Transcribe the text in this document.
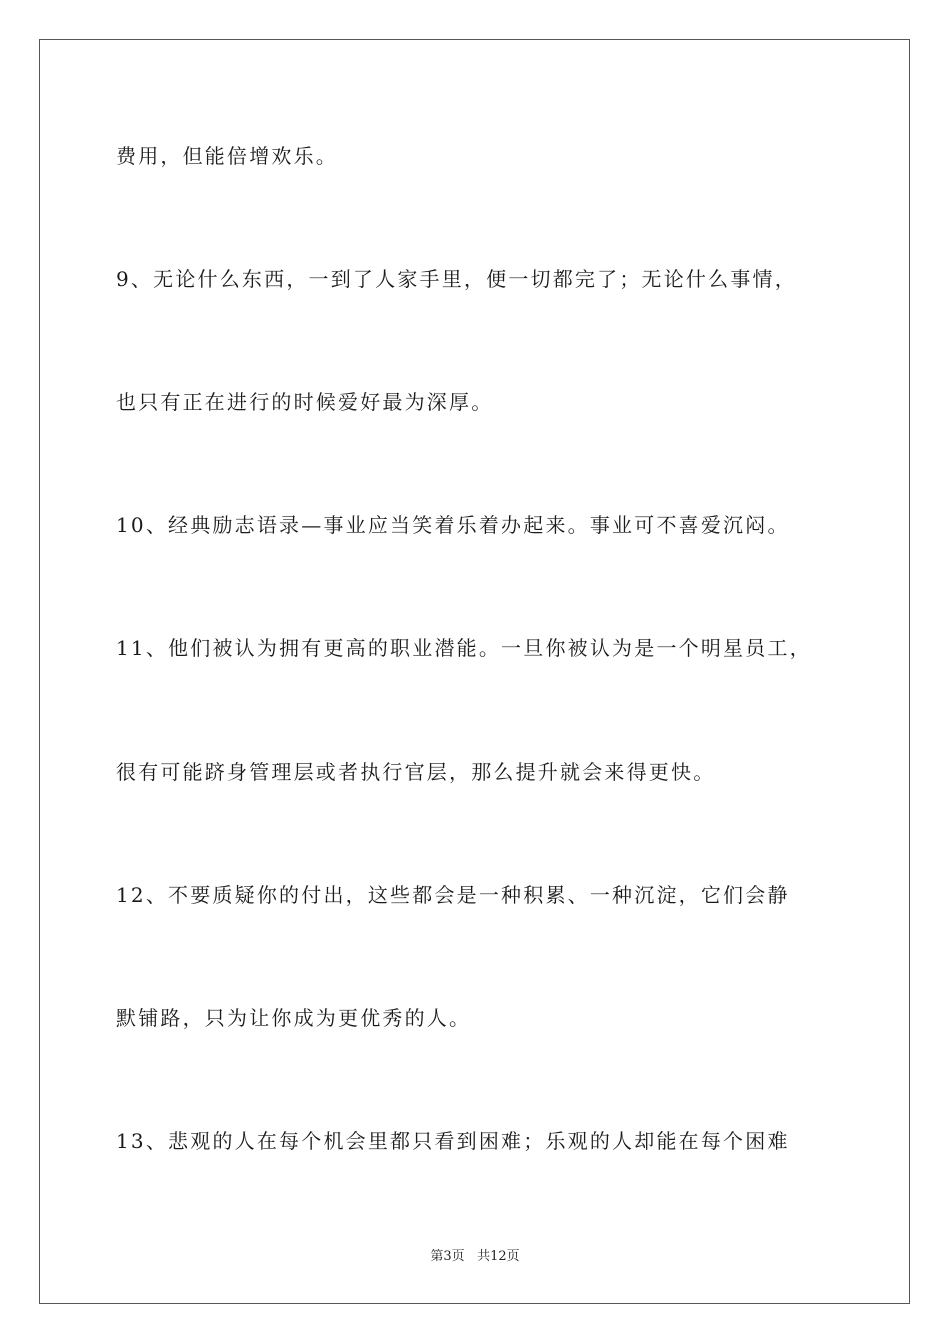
费用，但能倍增欢乐。
9、无论什么东西，一到了人家手里，便一切都完了；无论什么事情，
也只有正在进行的时候爱好最为深厚。
10、经典励志语录—事业应当笑着乐着办起来。事业可不喜爱沉闷。
11、他们被认为拥有更高的职业潜能。一旦你被认为是一个明星员工，
很有可能跻身管理层或者执行官层，那么提升就会来得更快。
12、不要质疑你的付出，这些都会是一种积累、一种沉淀，它们会静
默铺路，只为让你成为更优秀的人。
13、悲观的人在每个机会里都只看到困难；乐观的人却能在每个困难
第3页 共12页
